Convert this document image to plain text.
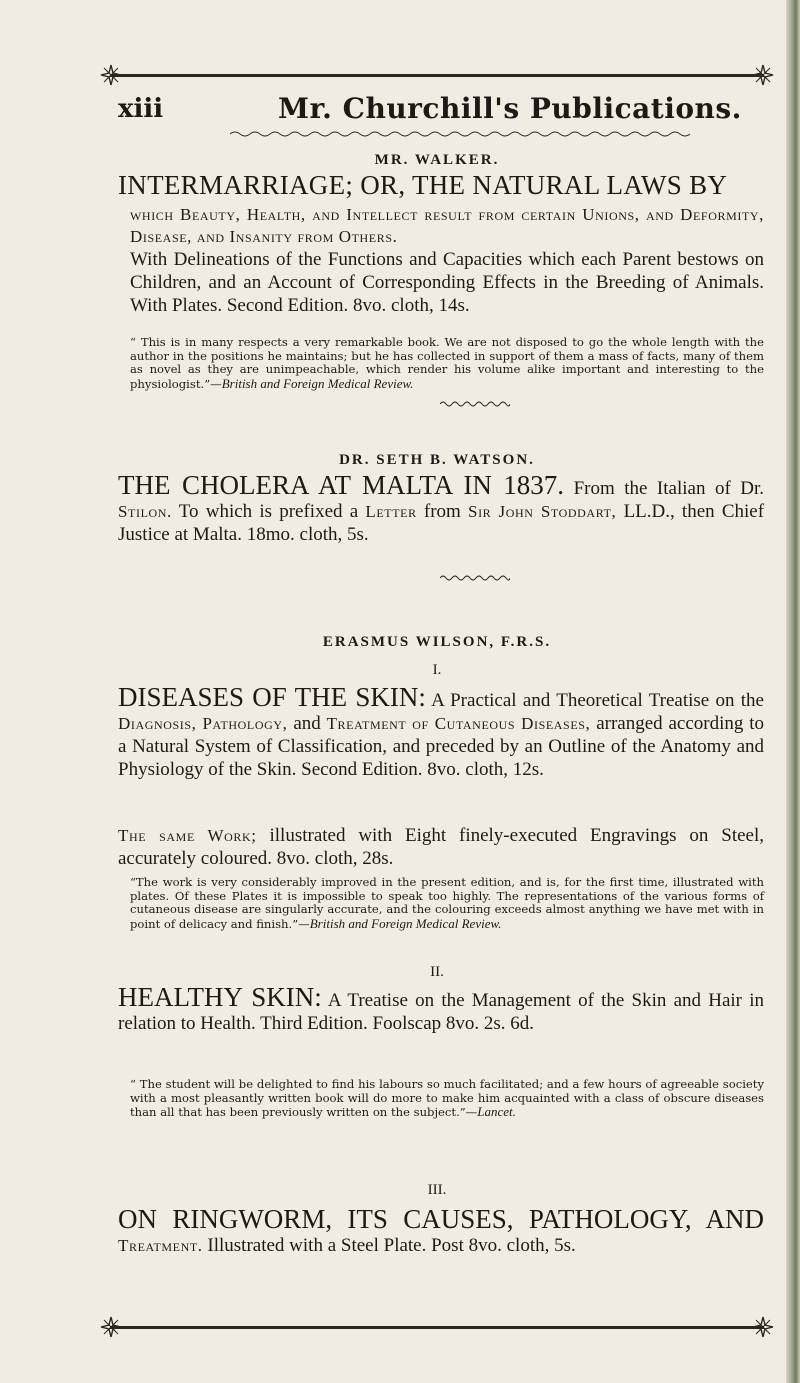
xiii	Mr. Churchill's Publications.
MR. WALKER.
INTERMARRIAGE; OR, THE NATURAL LAWS BY
which Beauty, Health, and Intellect result from certain Unions, and Deformity, Disease, and Insanity from Others.
With Delineations of the Functions and Capacities which each Parent bestows on Children, and an Account of Corresponding Effects in the Breeding of Animals. With Plates. Second Edition. 8vo. cloth, 14s.
“ This is in many respects a very remarkable book. We are not disposed to go the whole length with the author in the positions he maintains; but he has collected in support of them a mass of facts, many of them as novel as they are unimpeachable, which render his volume alike important and interesting to the physiologist.”—British and Foreign Medical Review.
DR. SETH B. WATSON.
THE CHOLERA AT MALTA IN 1837. From the Italian of Dr. Stilon. To which is prefixed a Letter from Sir John Stoddart, LL.D., then Chief Justice at Malta. 18mo. cloth, 5s.
ERASMUS WILSON, F.R.S.
I.
DISEASES OF THE SKIN: A Practical and Theoretical Treatise on the Diagnosis, Pathology, and Treatment of Cutaneous Diseases, arranged according to a Natural System of Classification, and preceded by an Outline of the Anatomy and Physiology of the Skin. Second Edition. 8vo. cloth, 12s.
The same Work; illustrated with Eight finely-executed Engravings on Steel, accurately coloured. 8vo. cloth, 28s.
“The work is very considerably improved in the present edition, and is, for the first time, illustrated with plates. Of these Plates it is impossible to speak too highly. The representations of the various forms of cutaneous disease are singularly accurate, and the colouring exceeds almost anything we have met with in point of delicacy and finish.”—British and Foreign Medical Review.
II.
HEALTHY SKIN: A Treatise on the Management of the Skin and Hair in relation to Health. Third Edition. Foolscap 8vo. 2s. 6d.
“ The student will be delighted to find his labours so much facilitated; and a few hours of agreeable society with a most pleasantly written book will do more to make him acquainted with a class of obscure diseases than all that has been previously written on the subject.”—Lancet.
III.
ON RINGWORM, ITS CAUSES, PATHOLOGY, AND Treatment. Illustrated with a Steel Plate. Post 8vo. cloth, 5s.
